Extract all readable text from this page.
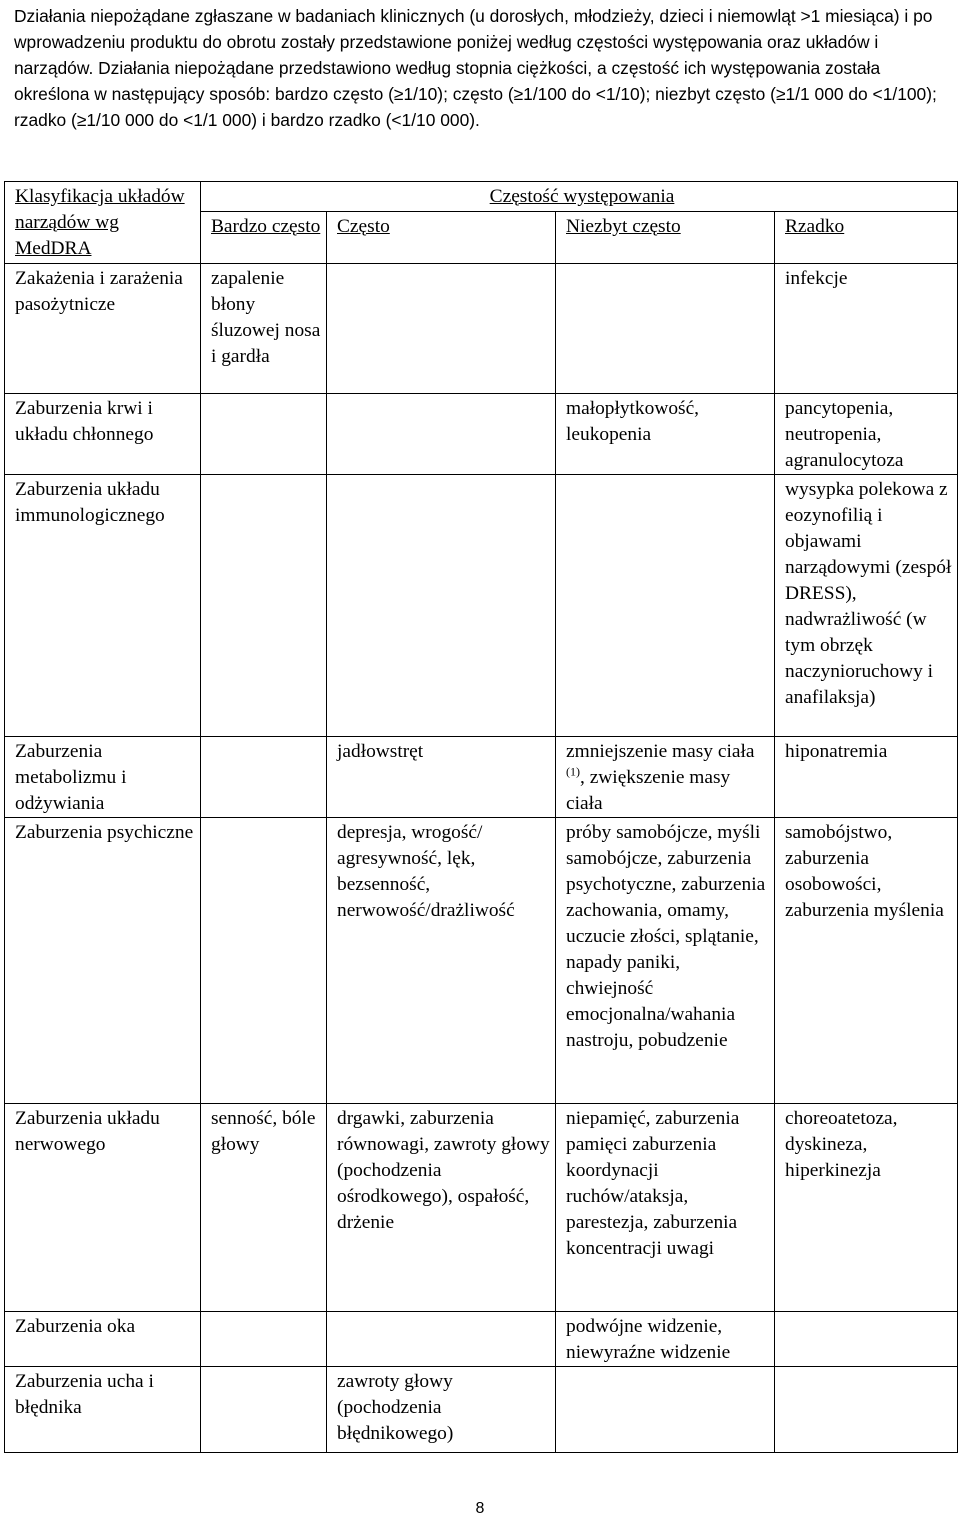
Działania niepożądane zgłaszane w badaniach klinicznych (u dorosłych, młodzieży, dzieci i niemowląt >1 miesiąca) i po wprowadzeniu produktu do obrotu zostały przedstawione poniżej według częstości występowania oraz układów i narządów. Działania niepożądane przedstawiono według stopnia ciężkości, a częstość ich występowania została określona w następujący sposób: bardzo często (≥1/10); często (≥1/100 do <1/10); niezbyt często (≥1/1 000 do <1/100); rzadko (≥1/10 000 do <1/1 000) i bardzo rzadko (<1/10 000).

Klasyfikacja układów narządów wg MedDRA	Częstość występowania			
	Bardzo często	Często	Niezbyt często	Rzadko
Zakażenia i zarażenia pasożytnicze	zapalenie błony śluzowej nosa i gardła			infekcje
Zaburzenia krwi i układu chłonnego			małopłytkowość, leukopenia	pancytopenia, neutropenia, agranulocytoza
Zaburzenia układu immunologicznego				wysypka polekowa z eozynofilią i objawami narządowymi (zespół DRESS), nadwrażliwość (w tym obrzęk naczynioruchowy i anafilaksja)
Zaburzenia metabolizmu i odżywiania		jadłowstręt	zmniejszenie masy ciała $^{(1)}$, zwiększenie masy ciała	hiponatremia
Zaburzenia psychiczne		depresja, wrogość/ agresywność, lęk, bezsenność, nerwowość/drażliwość	próby samobójcze, myśli samobójcze, zaburzenia psychotyczne, zaburzenia zachowania, omamy, uczucie złości, splątanie, napady paniki, chwiejność emocjonalna/wahania nastroju, pobudzenie	samobójstwo, zaburzenia osobowości, zaburzenia myślenia
Zaburzenia układu nerwowego	senność, bóle głowy	drgawki, zaburzenia równowagi, zawroty głowy (pochodzenia ośrodkowego), ospałość, drżenie	niepamięć, zaburzenia pamięci zaburzenia koordynacji ruchów/ataksja, parestezja, zaburzenia koncentracji uwagi	choreoatetoza, dyskineza, hiperkinezja
Zaburzenia oka			podwójne widzenie, niewyraźne widzenie	
Zaburzenia ucha i błędnika		zawroty głowy (pochodzenia błędnikowego)		
8
